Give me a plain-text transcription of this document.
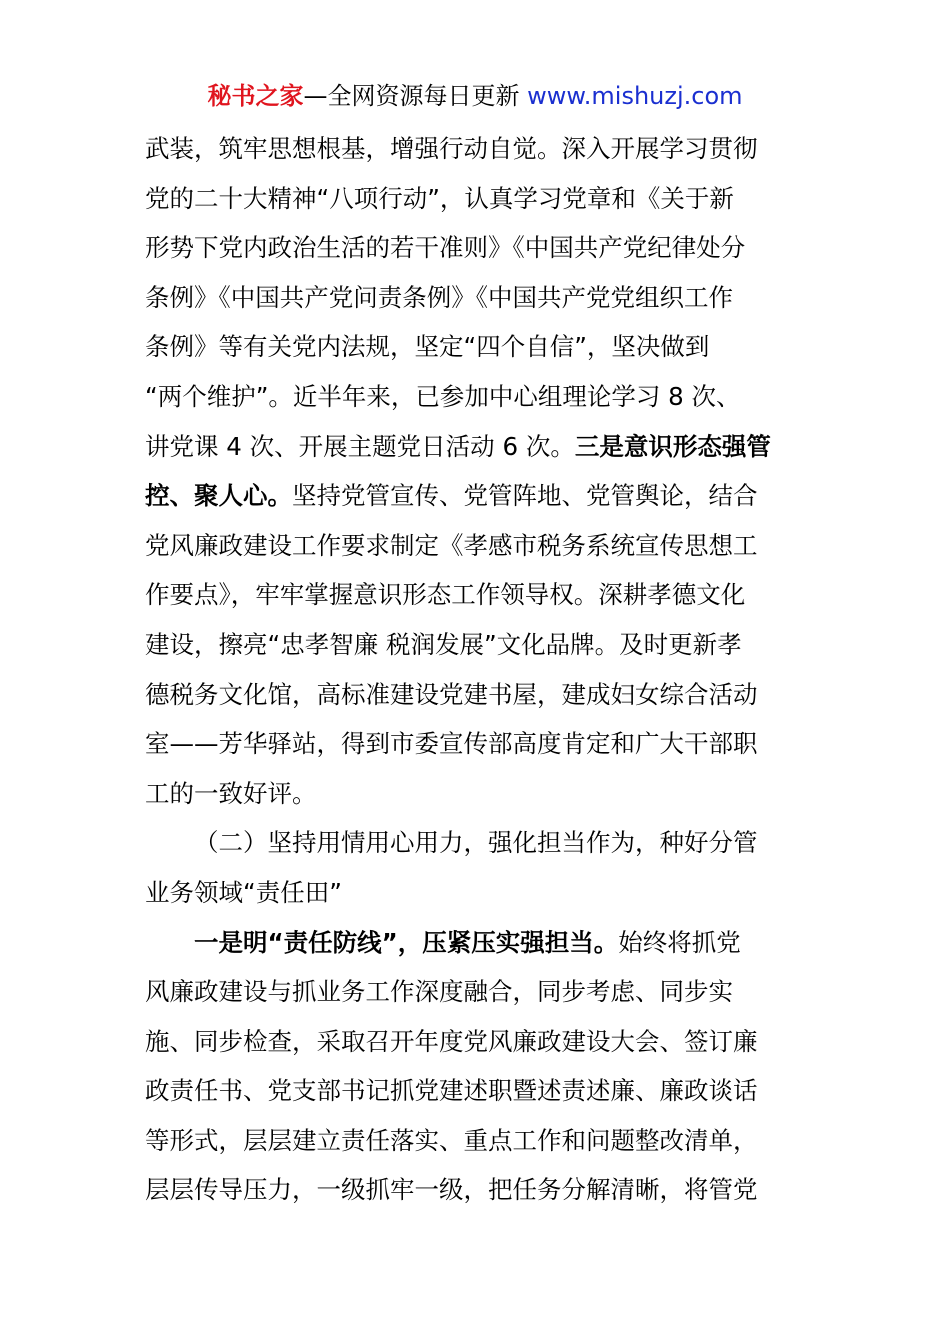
秘书之家—全网资源每日更新 www.mishuzj.com
武装，筑牢思想根基，增强行动自觉。深入开展学习贯彻
党的二十大精神“八项行动”，认真学习党章和《关于新
形势下党内政治生活的若干准则》《中国共产党纪律处分
条例》《中国共产党问责条例》《中国共产党党组织工作
条例》等有关党内法规，坚定“四个自信”，坚决做到
“两个维护”。近半年来，已参加中心组理论学习 8 次、
讲党课 4 次、开展主题党日活动 6 次。三是意识形态强管
控、聚人心。坚持党管宣传、党管阵地、党管舆论，结合
党风廉政建设工作要求制定《孝感市税务系统宣传思想工
作要点》，牢牢掌握意识形态工作领导权。深耕孝德文化
建设，擦亮“忠孝智廉 税润发展”文化品牌。及时更新孝
德税务文化馆，高标准建设党建书屋，建成妇女综合活动
室——芳华驿站，得到市委宣传部高度肯定和广大干部职
工的一致好评。
（二）坚持用情用心用力，强化担当作为，种好分管
业务领域“责任田”
一是明“责任防线”，压紧压实强担当。始终将抓党
风廉政建设与抓业务工作深度融合，同步考虑、同步实
施、同步检查，采取召开年度党风廉政建设大会、签订廉
政责任书、党支部书记抓党建述职暨述责述廉、廉政谈话
等形式，层层建立责任落实、重点工作和问题整改清单，
层层传导压力，一级抓牢一级，把任务分解清晰，将管党
